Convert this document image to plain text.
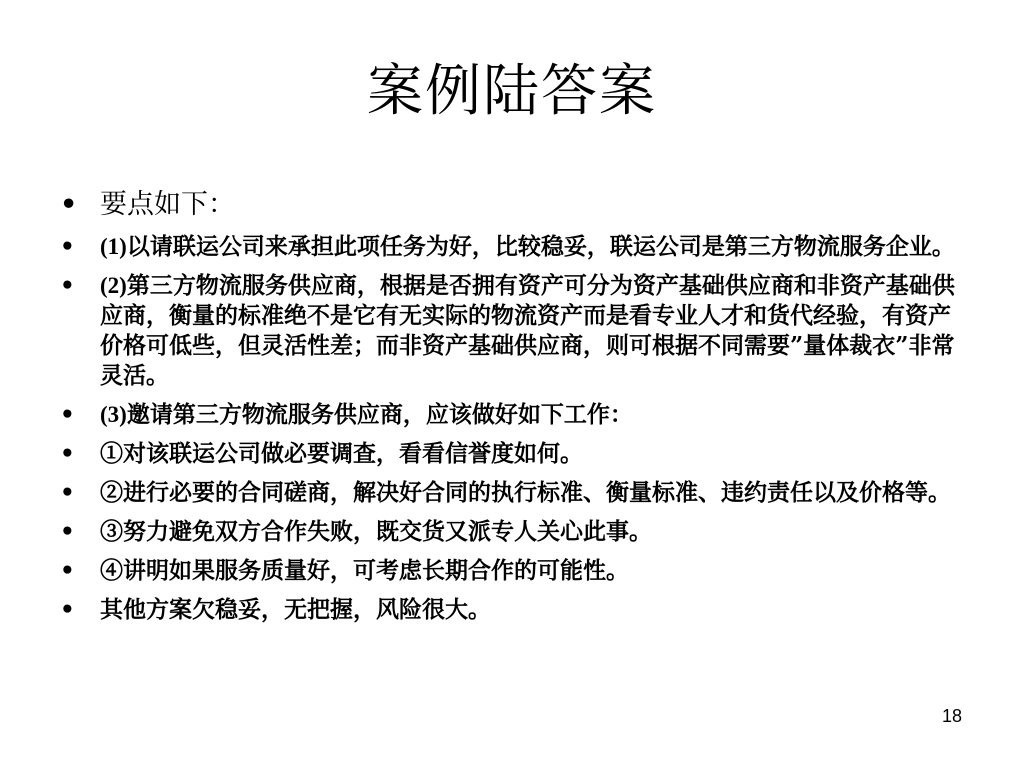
案例陆答案
• 要点如下：
• (1)以请联运公司来承担此项任务为好，比较稳妥，联运公司是第三方物流服务企业。
• (2)第三方物流服务供应商，根据是否拥有资产可分为资产基础供应商和非资产基础供应商，衡量的标准绝不是它有无实际的物流资产而是看专业人才和货代经验，有资产价格可低些，但灵活性差；而非资产基础供应商，则可根据不同需要”量体裁衣”非常灵活。
• (3)邀请第三方物流服务供应商，应该做好如下工作：
• ①对该联运公司做必要调查，看看信誉度如何。
• ②进行必要的合同磋商，解决好合同的执行标准、衡量标准、违约责任以及价格等。
• ③努力避免双方合作失败，既交货又派专人关心此事。
• ④讲明如果服务质量好，可考虑长期合作的可能性。
• 其他方案欠稳妥，无把握，风险很大。
18
